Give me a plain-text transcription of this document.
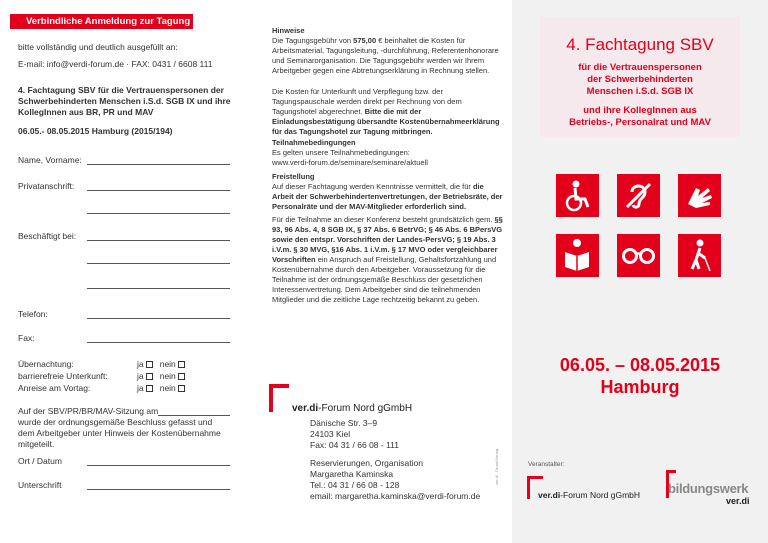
Verbindliche Anmeldung zur Tagung
bitte vollständig und deutlich ausgefüllt an:
E-mail: info@verdi-forum.de · FAX: 0431 / 6608 111
4. Fachtagung SBV für die Vertrauenspersonen der
Schwerbehinderten Menschen i.S.d. SGB IX und ihre
KollegInnen aus BR, PR und MAV
06.05.- 08.05.2015 Hamburg (2015/194)
Name, Vorname:
Privatanschrift:
Beschäftigt bei:
Telefon:
Fax:
Übernachtung:
barrierefreie Unterkunft:
Anreise am Vortag:
ja nein
ja nein
ja nein
Auf der SBV/PR/BR/MAV-Sitzung am
wurde der ordnungsgemäße Beschluss gefasst und
dem Arbeitgeber unter Hinweis der Kostenübernahme
mitgeteilt.
Ort / Datum
Unterschrift
Hinweise
Die Tagungsgebühr von 575,00 € beinhaltet die Kosten für Arbeitsmaterial, Tagungsleitung, -durchführung, Referentenhonorare und Seminarorganisation. Die Tagungsgebühr werden wir Ihrem Arbeitgeber gegen eine Abtretungserklärung in Rechnung stellen.
Die Kosten für Unterkunft und Verpflegung bzw. der Tagungspauschale werden direkt per Rechnung von dem Tagungshotel abgerechnet. Bitte die mit der Einladungsbestätigung übersandte Kostenübernahmeerklärung für das Tagungshotel zur Tagung mitbringen.
Teilnahmebedingungen
Es gelten unsere Teilnahmebedingungen:
www.verdi-forum.de/seminare/seminare/aktuell
Freistellung
Auf dieser Fachtagung werden Kenntnisse vermittelt, die für die Arbeit der Schwerbehindertenvertretungen, der Betriebsräte, der Personalräte und der MAV-Mitglieder erforderlich sind.
Für die Teilnahme an dieser Konferenz besteht grundsätzlich gem. §§ 93, 96 Abs. 4, 8 SGB IX, § 37 Abs. 6 BetrVG; § 46 Abs. 6 BPersVG sowie den entspr. Vorschriften der Landes-PersVG; § 19 Abs. 3 i.V.m. § 30 MVG, §16 Abs. 1 i.V.m. § 17 MVO oder vergleichbarer Vorschriften ein Anspruch auf Freistellung, Gehaltsfortzahlung und Kostenübernahme durch den Arbeitgeber. Voraussetzung für die Teilnahme ist der ordnungsgemäße Beschluss der gesetzlichen Interessenvertretung. Dem Arbeitgeber sind die teilnehmenden Mitglieder und die zeitliche Lage rechtzeitig bekannt zu geben.
ver.di-Forum Nord gGmbH
Dänische Str. 3–9
24103 Kiel
Fax: 04 31 / 66 08 - 111
Reservierungen, Organisation
Margaretha Kaminska
Tel.: 04 31 / 66 08 - 128
email: margaretha.kaminska@verdi-forum.de
ver.di · Druck/Verlag
4. Fachtagung SBV
für die Vertrauenspersonen
der Schwerbehinderten
Menschen i.S.d. SGB IX
und ihre KollegInnen aus
Betriebs-, Personalrat und MAV
06.05. – 08.05.2015
Hamburg
Veranstalter:
ver.di-Forum Nord gGmbH bildungswerk
ver.di
